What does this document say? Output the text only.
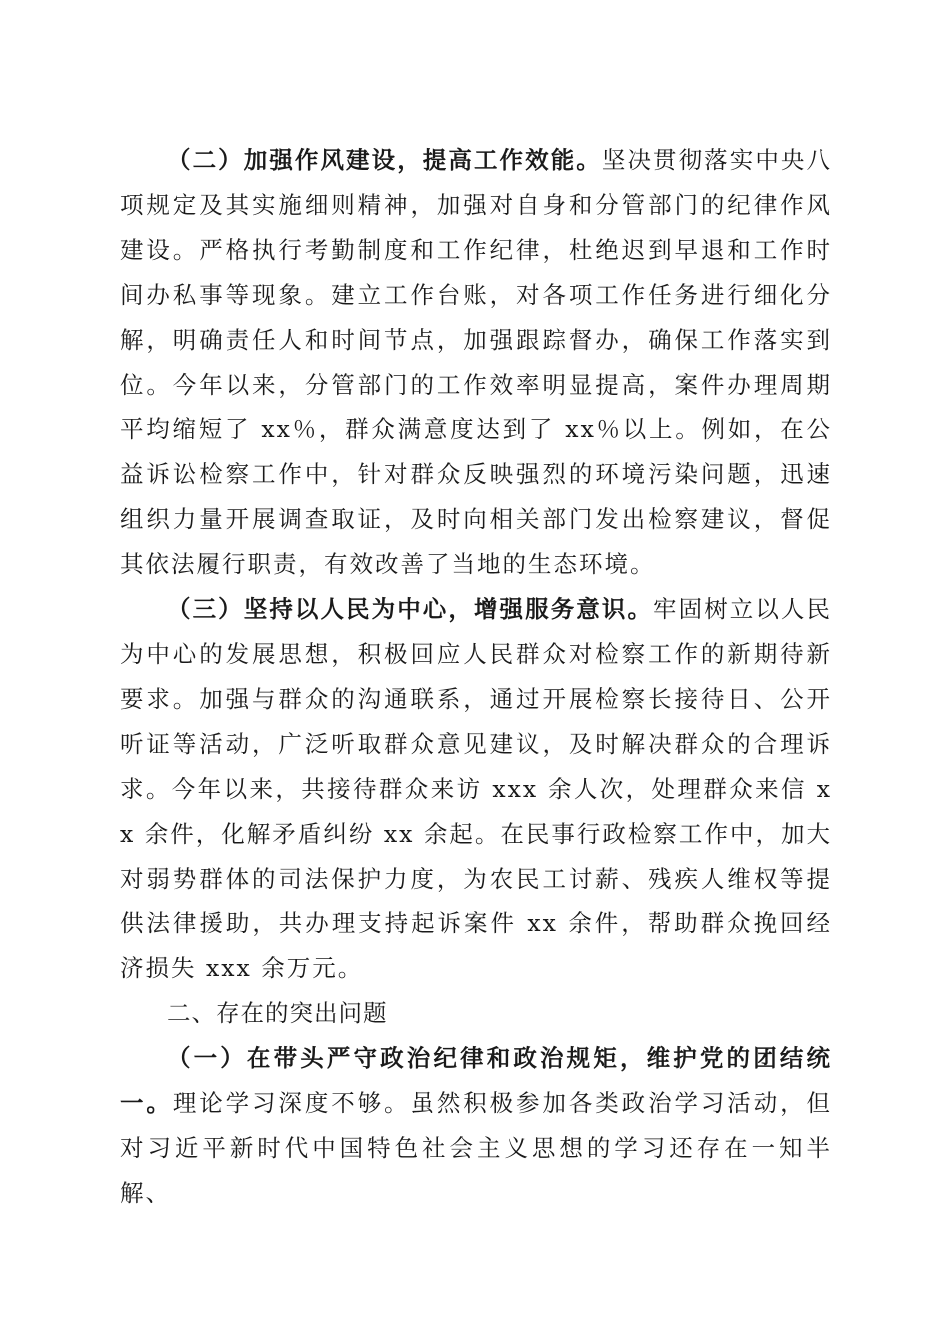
（二）加强作风建设，提高工作效能。坚决贯彻落实中央八项规定及其实施细则精神，加强对自身和分管部门的纪律作风建设。严格执行考勤制度和工作纪律，杜绝迟到早退和工作时间办私事等现象。建立工作台账，对各项工作任务进行细化分解，明确责任人和时间节点，加强跟踪督办，确保工作落实到位。今年以来，分管部门的工作效率明显提高，案件办理周期平均缩短了 xx％，群众满意度达到了 xx％以上。例如，在公益诉讼检察工作中，针对群众反映强烈的环境污染问题，迅速组织力量开展调查取证，及时向相关部门发出检察建议，督促其依法履行职责，有效改善了当地的生态环境。

（三）坚持以人民为中心，增强服务意识。牢固树立以人民为中心的发展思想，积极回应人民群众对检察工作的新期待新要求。加强与群众的沟通联系，通过开展检察长接待日、公开听证等活动，广泛听取群众意见建议，及时解决群众的合理诉求。今年以来，共接待群众来访 xxx 余人次，处理群众来信 xx 余件，化解矛盾纠纷 xx 余起。在民事行政检察工作中，加大对弱势群体的司法保护力度，为农民工讨薪、残疾人维权等提供法律援助，共办理支持起诉案件 xx 余件，帮助群众挽回经济损失 xxx 余万元。

二、存在的突出问题

（一）在带头严守政治纪律和政治规矩，维护党的团结统一。理论学习深度不够。虽然积极参加各类政治学习活动，但对习近平新时代中国特色社会主义思想的学习还存在一知半解、
